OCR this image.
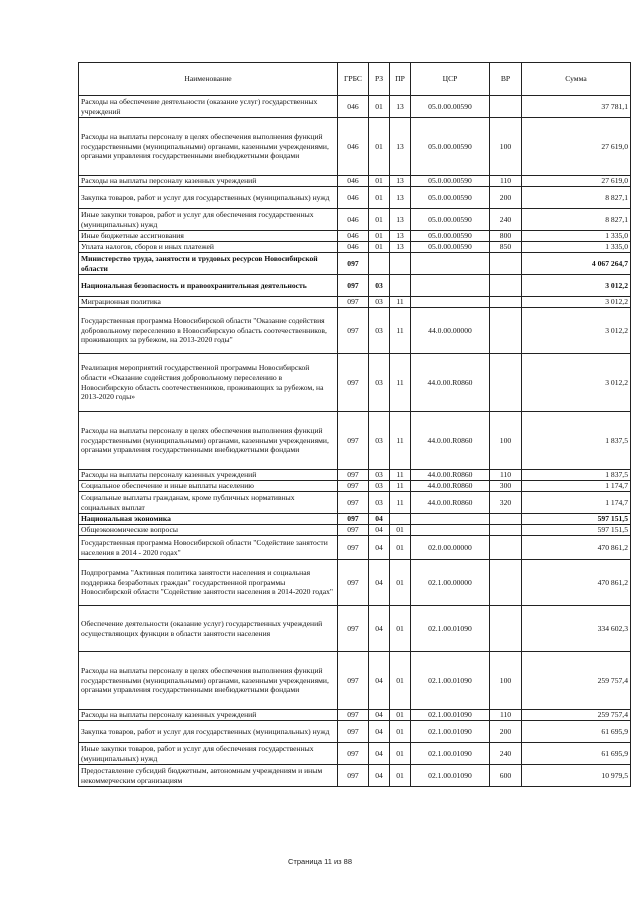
Наименование	ГРБС	РЗ	ПР	ЦСР	ВР	Сумма
Расходы на обеспечение деятельности (оказание услуг) государственных учреждений	046	01	13	05.0.00.00590		37 781,1
Расходы на выплаты персоналу в целях обеспечения выполнения функций государственными (муниципальными) органами, казенными учреждениями, органами управления государственными внебюджетными фондами	046	01	13	05.0.00.00590	100	27 619,0
Расходы на выплаты персоналу казенных учреждений	046	01	13	05.0.00.00590	110	27 619,0
Закупка товаров, работ и услуг для государственных (муниципальных) нужд	046	01	13	05.0.00.00590	200	8 827,1
Иные закупки товаров, работ и услуг для обеспечения государственных (муниципальных) нужд	046	01	13	05.0.00.00590	240	8 827,1
Иные бюджетные ассигнования	046	01	13	05.0.00.00590	800	1 335,0
Уплата налогов, сборов и иных платежей	046	01	13	05.0.00.00590	850	1 335,0
Министерство труда, занятости и трудовых ресурсов Новосибирской области	097					4 067 264,7
Национальная безопасность и правоохранительная деятельность	097	03				3 012,2
Миграционная политика	097	03	11			3 012,2
Государственная программа Новосибирской области "Оказание содействия добровольному переселению в Новосибирскую область соотечественников, проживающих за рубежом, на 2013-2020 годы"	097	03	11	44.0.00.00000		3 012,2
Реализация мероприятий государственной программы Новосибирской области «Оказание содействия добровольному переселению в Новосибирскую область соотечественников, проживающих за рубежом, на 2013-2020 годы»	097	03	11	44.0.00.R0860		3 012,2
Расходы на выплаты персоналу в целях обеспечения выполнения функций государственными (муниципальными) органами, казенными учреждениями, органами управления государственными внебюджетными фондами	097	03	11	44.0.00.R0860	100	1 837,5
Расходы на выплаты персоналу казенных учреждений	097	03	11	44.0.00.R0860	110	1 837,5
Социальное обеспечение и иные выплаты населению	097	03	11	44.0.00.R0860	300	1 174,7
Социальные выплаты гражданам, кроме публичных нормативных социальных выплат	097	03	11	44.0.00.R0860	320	1 174,7
Национальная экономика	097	04				597 151,5
Общеэкономические вопросы	097	04	01			597 151,5
Государственная программа Новосибирской области "Содействие занятости населения в 2014 - 2020 годах"	097	04	01	02.0.00.00000		470 861,2
Подпрограмма "Активная политика занятости населения и социальная поддержка безработных граждан" государственной программы Новосибирской области "Содействие занятости населения в 2014-2020 годах"	097	04	01	02.1.00.00000		470 861,2
Обеспечение деятельности (оказание услуг) государственных учреждений осуществляющих функции в области занятости населения	097	04	01	02.1.00.01090		334 602,3
Расходы на выплаты персоналу в целях обеспечения выполнения функций государственными (муниципальными) органами, казенными учреждениями, органами управления государственными внебюджетными фондами	097	04	01	02.1.00.01090	100	259 757,4
Расходы на выплаты персоналу казенных учреждений	097	04	01	02.1.00.01090	110	259 757,4
Закупка товаров, работ и услуг для государственных (муниципальных) нужд	097	04	01	02.1.00.01090	200	61 695,9
Иные закупки товаров, работ и услуг для обеспечения государственных (муниципальных) нужд	097	04	01	02.1.00.01090	240	61 695,9
Предоставление субсидий бюджетным, автономным учреждениям и иным некоммерческим организациям	097	04	01	02.1.00.01090	600	10 979,5
Страница 11 из 88
